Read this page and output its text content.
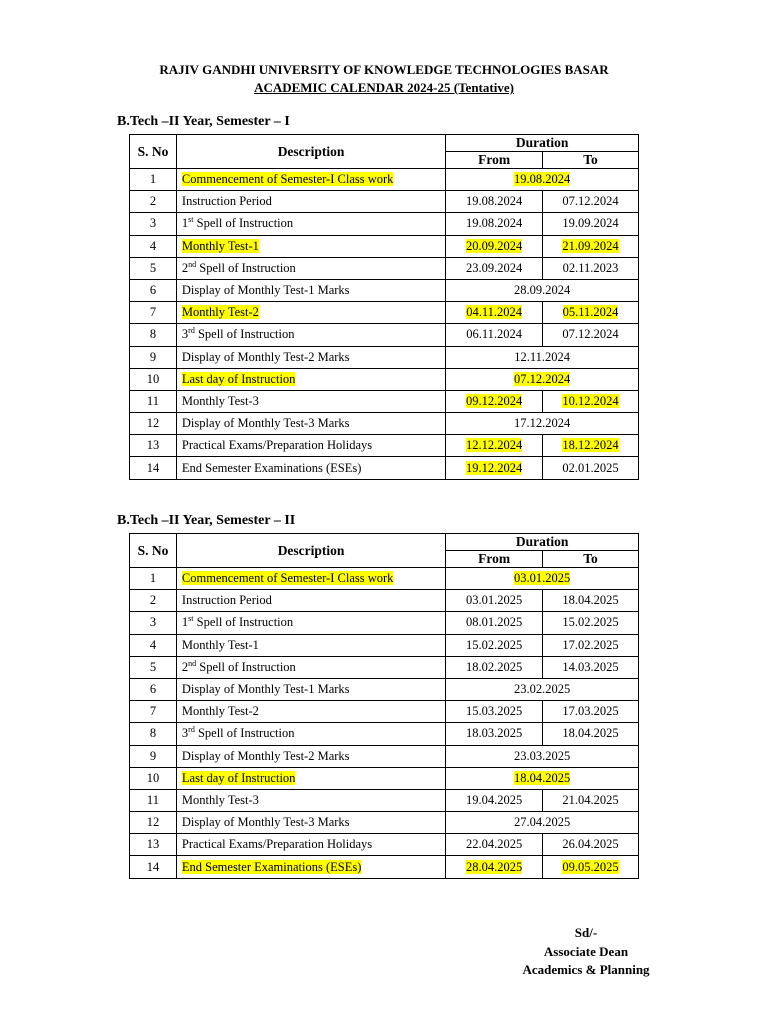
RAJIV GANDHI UNIVERSITY OF KNOWLEDGE TECHNOLOGIES BASAR
ACADEMIC CALENDAR 2024-25 (Tentative)
B.Tech –II Year, Semester – I
S. No	Description	Duration	
		From	To
1	Commencement of Semester-I Class work	19.08.2024	
2	Instruction Period	19.08.2024	07.12.2024
3	1st Spell of Instruction	19.08.2024	19.09.2024
4	Monthly Test-1	20.09.2024	21.09.2024
5	2nd Spell of Instruction	23.09.2024	02.11.2023
6	Display of Monthly Test-1 Marks	28.09.2024	
7	Monthly Test-2	04.11.2024	05.11.2024
8	3rd Spell of Instruction	06.11.2024	07.12.2024
9	Display of Monthly Test-2 Marks	12.11.2024	
10	Last day of Instruction	07.12.2024	
11	Monthly Test-3	09.12.2024	10.12.2024
12	Display of Monthly Test-3 Marks	17.12.2024	
13	Practical Exams/Preparation Holidays	12.12.2024	18.12.2024
14	End Semester Examinations (ESEs)	19.12.2024	02.01.2025
B.Tech –II Year, Semester – II
S. No	Description	Duration	
		From	To
1	Commencement of Semester-I Class work	03.01.2025	
2	Instruction Period	03.01.2025	18.04.2025
3	1st Spell of Instruction	08.01.2025	15.02.2025
4	Monthly Test-1	15.02.2025	17.02.2025
5	2nd Spell of Instruction	18.02.2025	14.03.2025
6	Display of Monthly Test-1 Marks	23.02.2025	
7	Monthly Test-2	15.03.2025	17.03.2025
8	3rd Spell of Instruction	18.03.2025	18.04.2025
9	Display of Monthly Test-2 Marks	23.03.2025	
10	Last day of Instruction	18.04.2025	
11	Monthly Test-3	19.04.2025	21.04.2025
12	Display of Monthly Test-3 Marks	27.04.2025	
13	Practical Exams/Preparation Holidays	22.04.2025	26.04.2025
14	End Semester Examinations (ESEs)	28.04.2025	09.05.2025
Sd/-
Associate Dean
Academics & Planning
